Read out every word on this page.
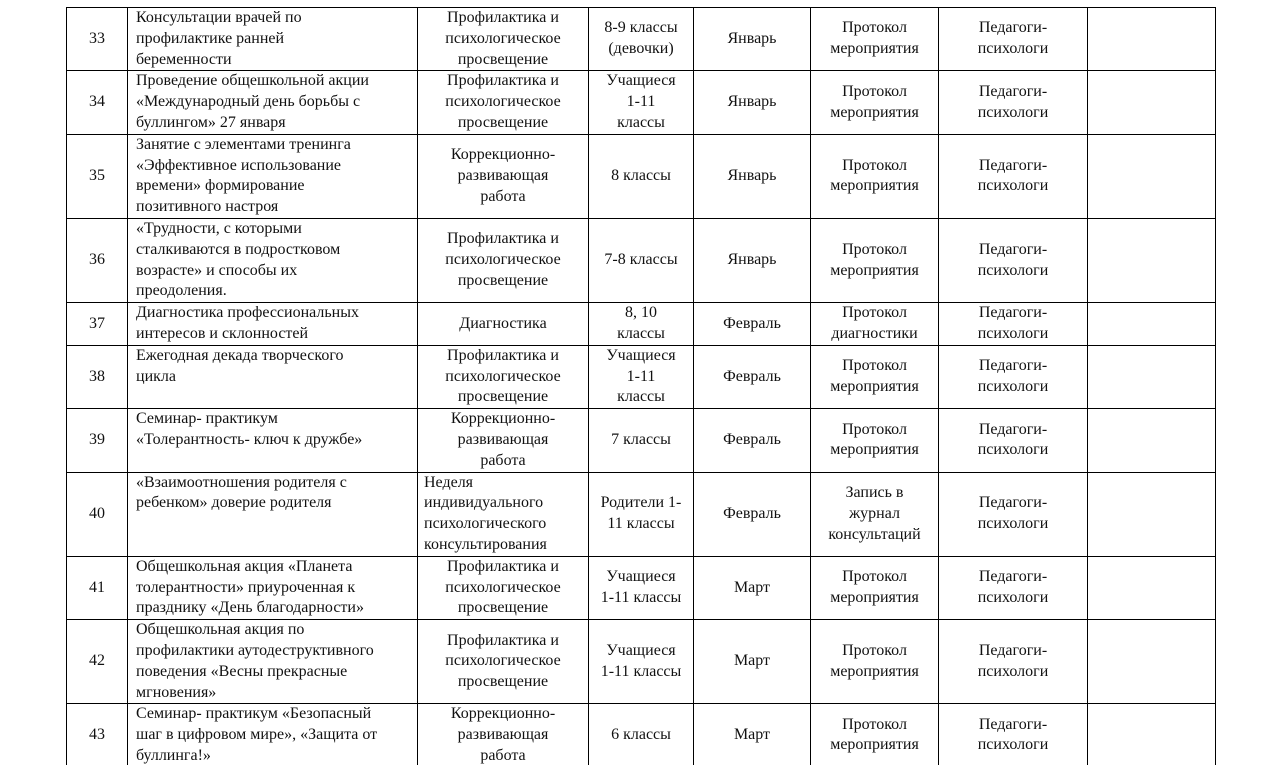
33	Консультации врачей по
профилактике ранней
беременности	Профилактика и
психологическое
просвещение	8-9 классы
(девочки)	Январь	Протокол
мероприятия	Педагоги-
психологи	
34	Проведение общешкольной акции
«Международный день борьбы с
буллингом» 27 января	Профилактика и
психологическое
просвещение	Учащиеся
1-11
классы	Январь	Протокол
мероприятия	Педагоги-
психологи	
35	Занятие с элементами тренинга
«Эффективное использование
времени» формирование
позитивного настроя	Коррекционно-
развивающая
работа	8 классы	Январь	Протокол
мероприятия	Педагоги-
психологи	
36	«Трудности, с которыми
сталкиваются в подростковом
возрасте» и способы их
преодоления.	Профилактика и
психологическое
просвещение	7-8 классы	Январь	Протокол
мероприятия	Педагоги-
психологи	
37	Диагностика профессиональных
интересов и склонностей	Диагностика	8, 10
классы	Февраль	Протокол
диагностики	Педагоги-
психологи	
38	Ежегодная декада творческого
цикла	Профилактика и
психологическое
просвещение	Учащиеся
1-11
классы	Февраль	Протокол
мероприятия	Педагоги-
психологи	
39	Семинар- практикум
«Толерантность- ключ к дружбе»	Коррекционно-
развивающая
работа	7 классы	Февраль	Протокол
мероприятия	Педагоги-
психологи	
40	«Взаимоотношения родителя с
ребенком» доверие родителя	Неделя
индивидуального
психологического
консультирования	Родители 1-
11 классы	Февраль	Запись в
журнал
консультаций	Педагоги-
психологи	
41	Общешкольная акция «Планета
толерантности» приуроченная к
празднику «День благодарности»	Профилактика и
психологическое
просвещение	Учащиеся
1-11 классы	Март	Протокол
мероприятия	Педагоги-
психологи	
42	Общешкольная акция по
профилактики аутодеструктивного
поведения «Весны прекрасные
мгновения»	Профилактика и
психологическое
просвещение	Учащиеся
1-11 классы	Март	Протокол
мероприятия	Педагоги-
психологи	
43	Семинар- практикум «Безопасный
шаг в цифровом мире», «Защита от
буллинга!»	Коррекционно-
развивающая
работа	6 классы	Март	Протокол
мероприятия	Педагоги-
психологи	
